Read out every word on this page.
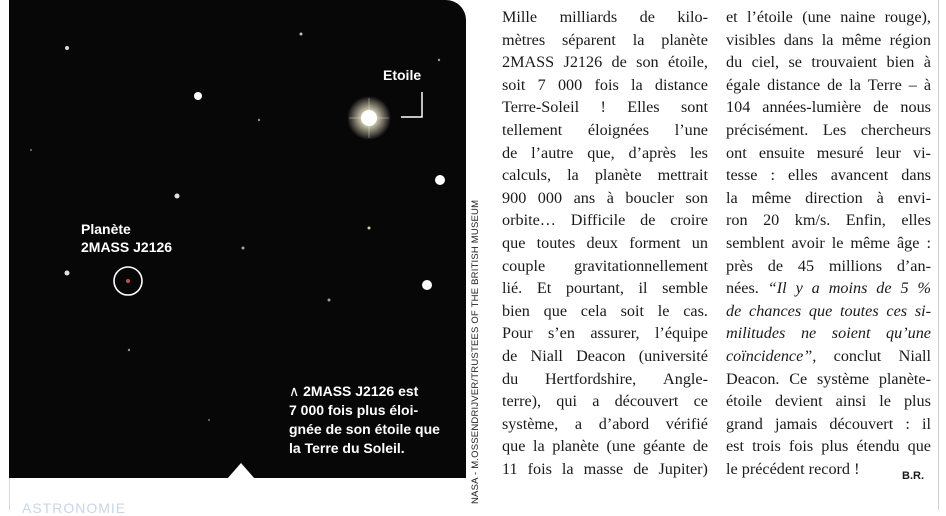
Etoile
Planète
2MASS J2126
∧ 2MASS J2126 est
7 000 fois plus éloi-
gnée de son étoile que
la Terre du Soleil.
ASTRONOMIE
NASA - M.OSSENDRIJVER/TRUSTEES OF THE BRITISH MUSEUM
Mille milliards de kilo-
mètres séparent la planète
2MASS J2126 de son étoile,
soit 7 000 fois la distance
Terre-Soleil ! Elles sont
tellement éloignées l’une
de l’autre que, d’après les
calculs, la planète mettrait
900 000 ans à boucler son
orbite… Difficile de croire
que toutes deux forment un
couple gravitationnellement
lié. Et pourtant, il semble
bien que cela soit le cas.
Pour s’en assurer, l’équipe
de Niall Deacon (université
du Hertfordshire, Angle-
terre), qui a découvert ce
système, a d’abord vérifié
que la planète (une géante de
11 fois la masse de Jupiter)
et l’étoile (une naine rouge),
visibles dans la même région
du ciel, se trouvaient bien à
égale distance de la Terre – à
104 années-lumière de nous
précisément. Les chercheurs
ont ensuite mesuré leur vi-
tesse : elles avancent dans
la même direction à envi-
ron 20 km/s. Enfin, elles
semblent avoir le même âge :
près de 45 millions d’an-
nées. “Il y a moins de 5 %
de chances que toutes ces si-
militudes ne soient qu’une
coïncidence”, conclut Niall
Deacon. Ce système planète-
étoile devient ainsi le plus
grand jamais découvert : il
est trois fois plus étendu que
le précédent record !	B.R.
